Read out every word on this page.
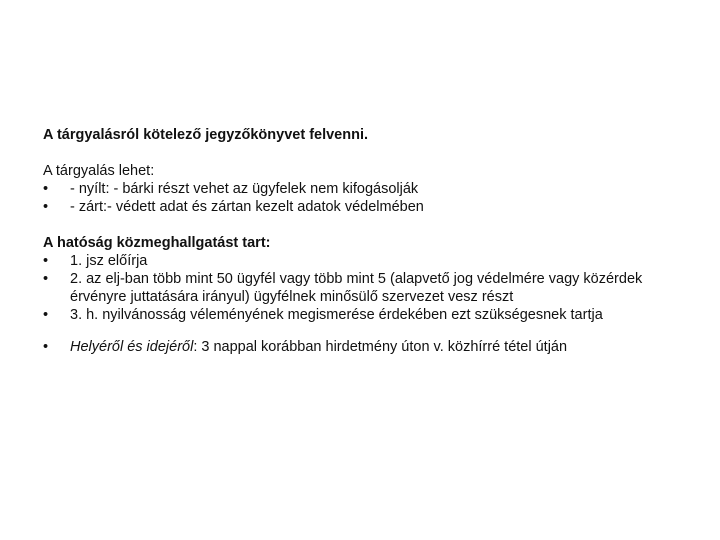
A tárgyalásról kötelező jegyzőkönyvet felvenni.

A tárgyalás lehet:

•	- nyílt: - bárki részt vehet az ügyfelek nem kifogásolják
•	- zárt:- védett adat és zártan kezelt adatok védelmében

A hatóság közmeghallgatást tart:

•	1. jsz előírja
•	2. az elj-ban több mint 50 ügyfél vagy több mint 5 (alapvető jog védelmére vagy közérdek érvényre juttatására irányul) ügyfélnek minősülő szervezet vesz részt
•	3. h. nyilvánosság véleményének megismerése érdekében ezt szükségesnek tartja
•	Helyéről és idejéről: 3 nappal korábban hirdetmény úton v. közhírré tétel útján
